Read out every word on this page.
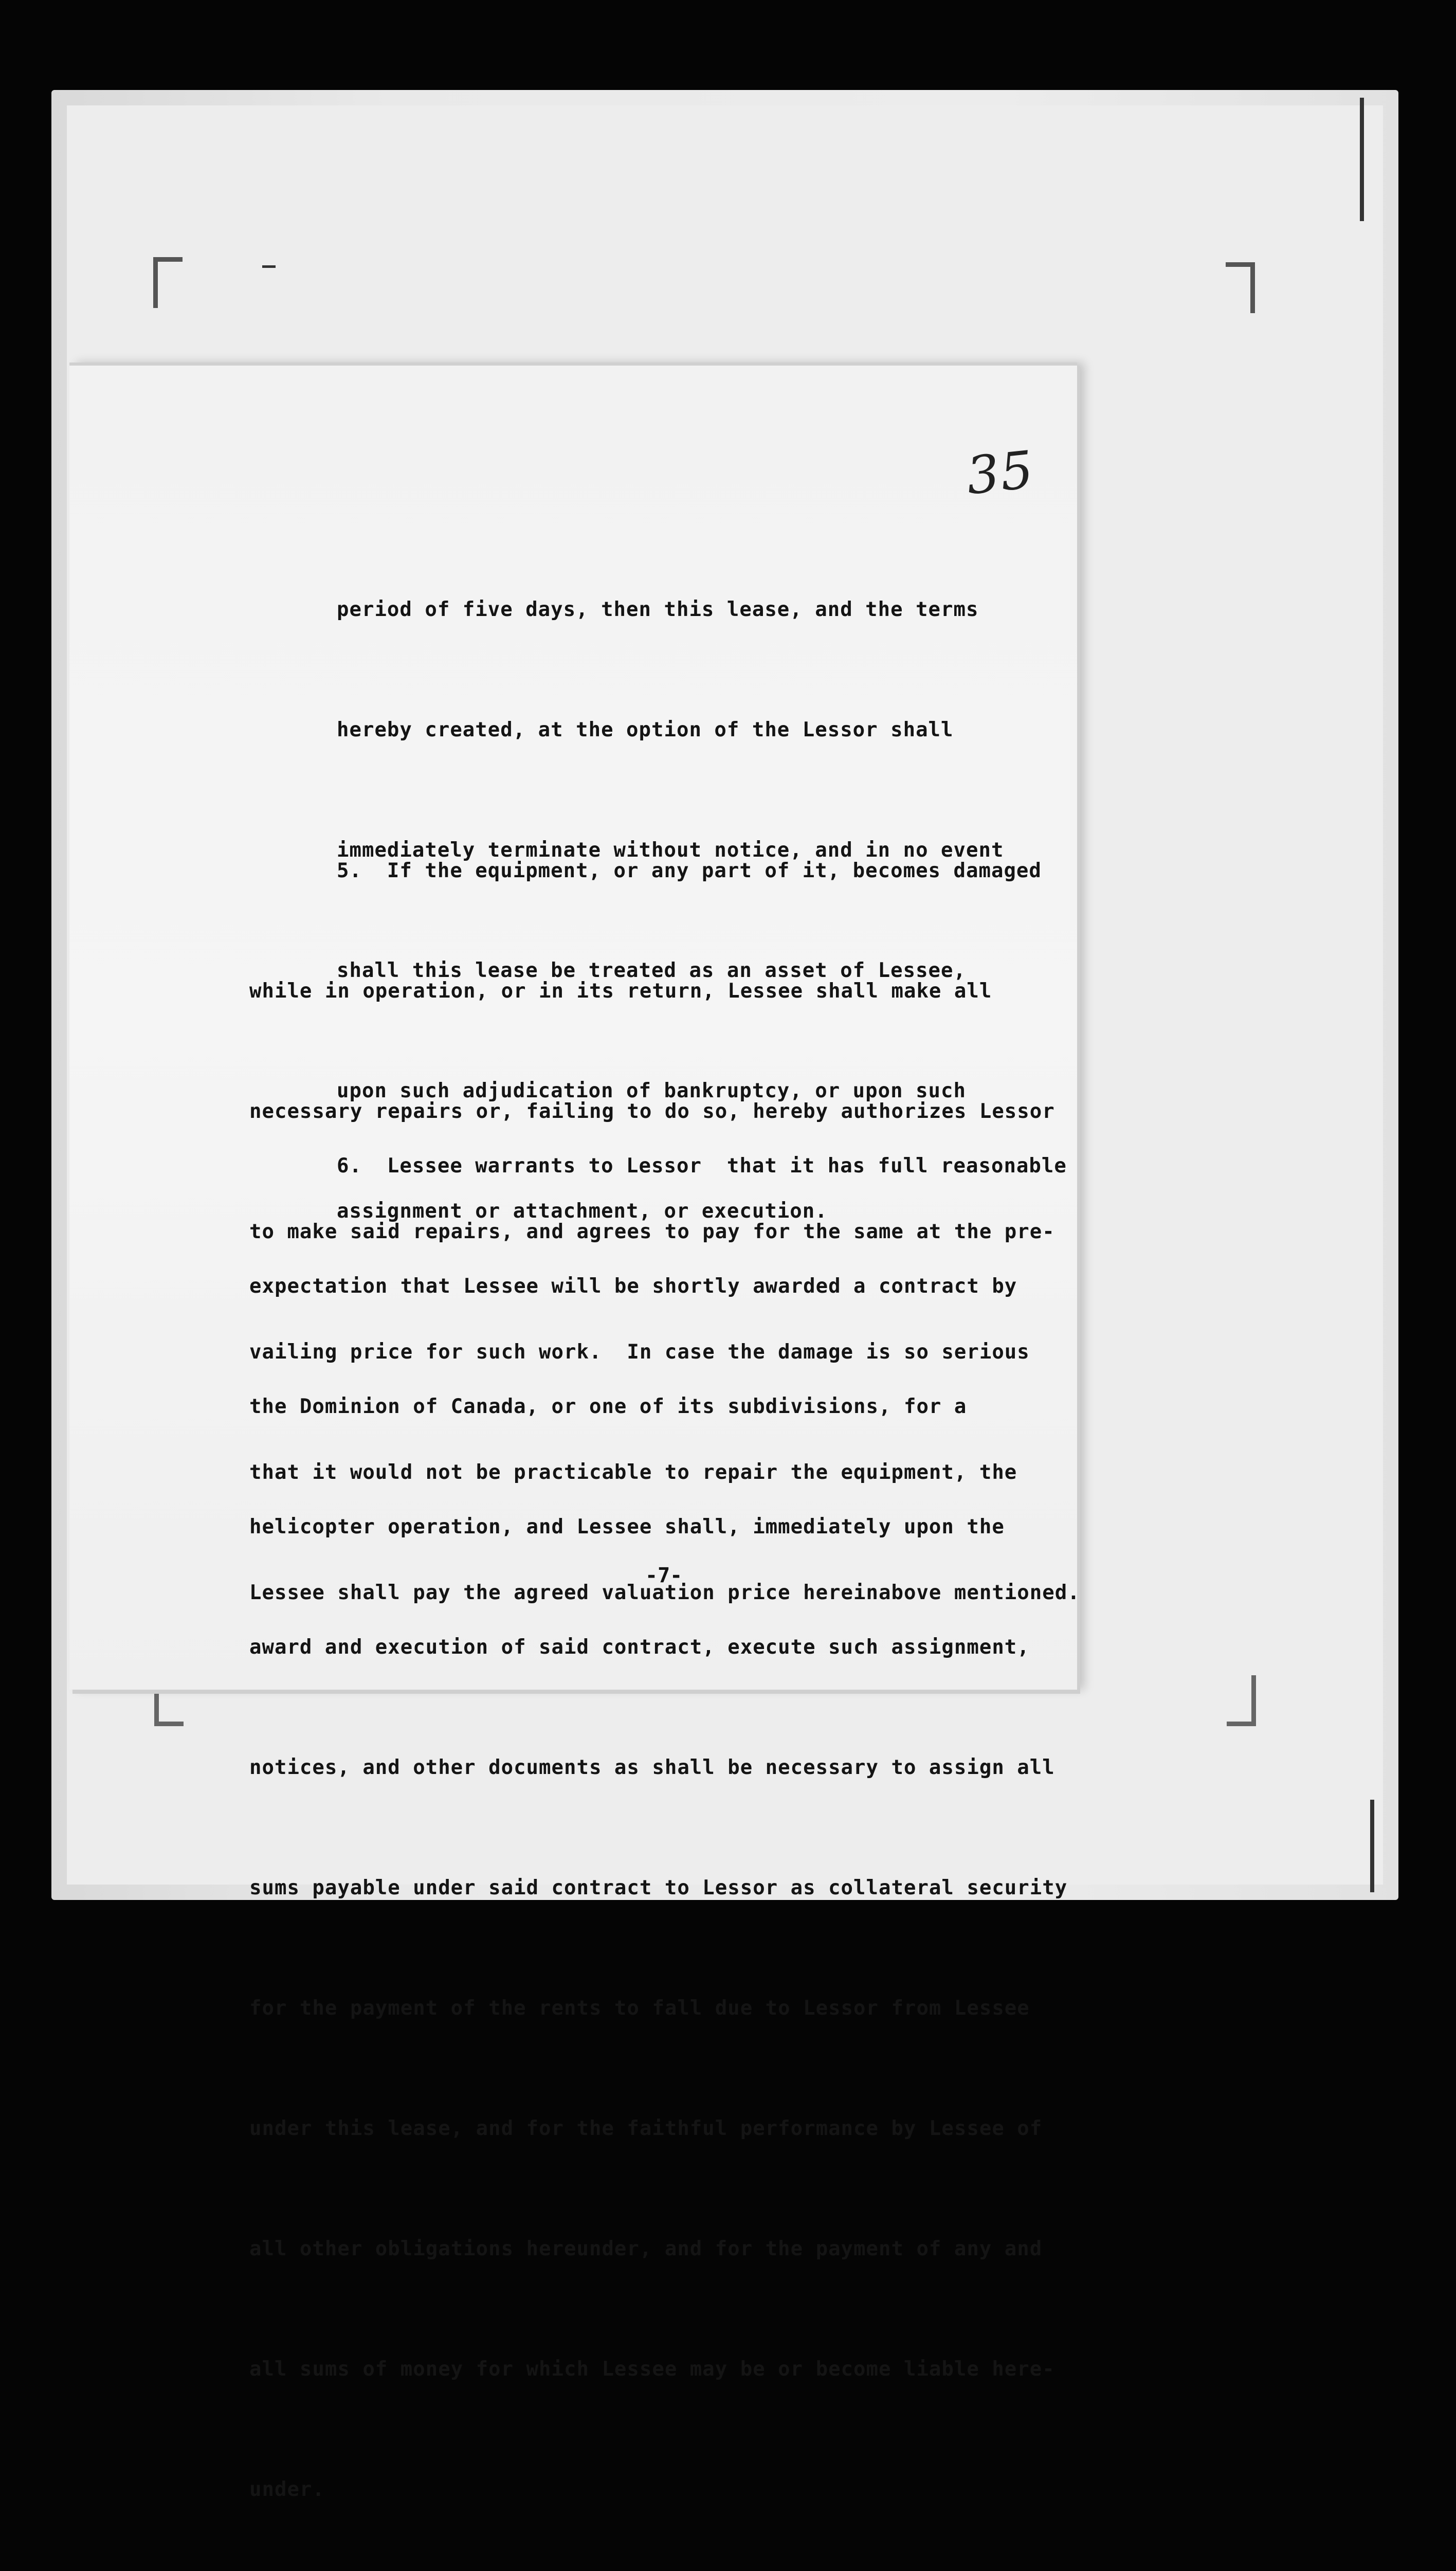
35

period of five days, then this lease, and the terms

hereby created, at the option of the Lessor shall

immediately terminate without notice, and in no event

shall this lease be treated as an asset of Lessee,

upon such adjudication of bankruptcy, or upon such

assignment or attachment, or execution.

5.  If the equipment, or any part of it, becomes damaged

while in operation, or in its return, Lessee shall make all

necessary repairs or, failing to do so, hereby authorizes Lessor

to make said repairs, and agrees to pay for the same at the pre-

vailing price for such work.  In case the damage is so serious

that it would not be practicable to repair the equipment, the

Lessee shall pay the agreed valuation price hereinabove mentioned.

6.  Lessee warrants to Lessor  that it has full reasonable

expectation that Lessee will be shortly awarded a contract by

the Dominion of Canada, or one of its subdivisions, for a

helicopter operation, and Lessee shall, immediately upon the

award and execution of said contract, execute such assignment,

notices, and other documents as shall be necessary to assign all

sums payable under said contract to Lessor as collateral security

for the payment of the rents to fall due to Lessor from Lessee

under this lease, and for the faithful performance by Lessee of

all other obligations hereunder, and for the payment of any and

all sums of money for which Lessee may be or become liable here-

under.

-7-
